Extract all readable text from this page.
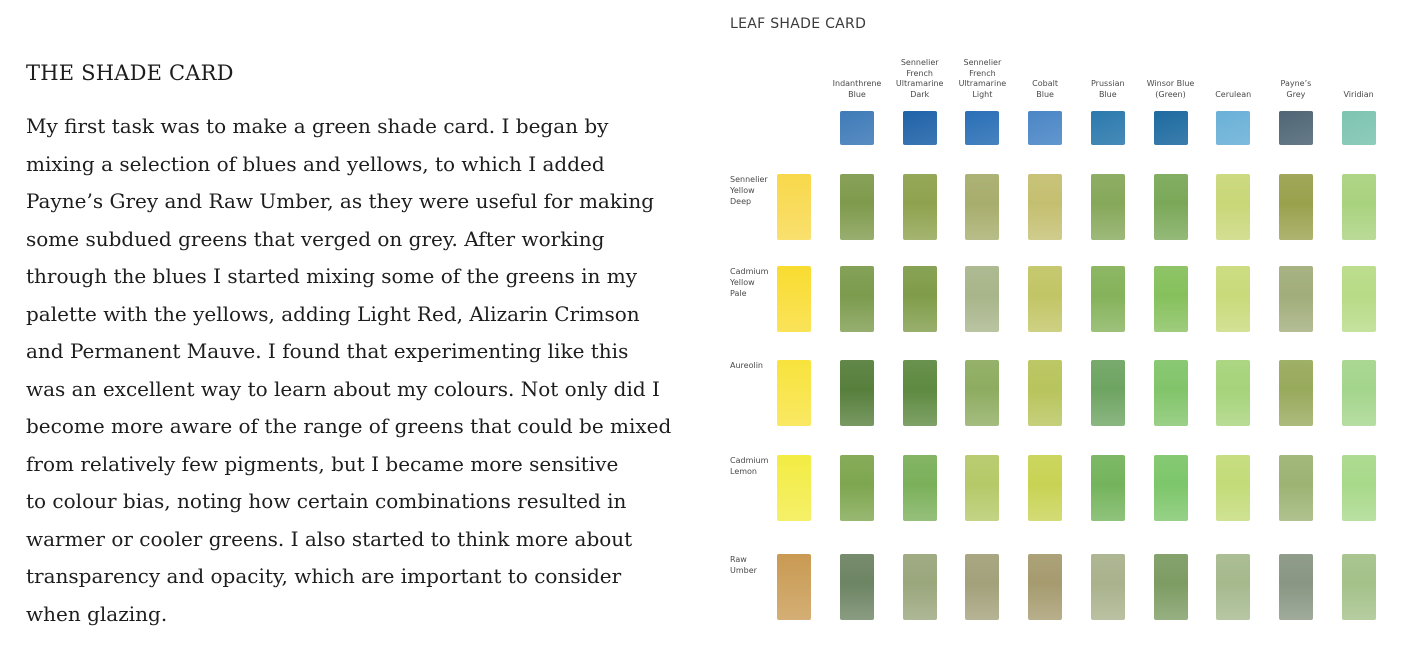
THE SHADE CARD
My first task was to make a green shade card. I began by
mixing a selection of blues and yellows, to which I added
Payne’s Grey and Raw Umber, as they were useful for making
some subdued greens that verged on grey. After working
through the blues I started mixing some of the greens in my
palette with the yellows, adding Light Red, Alizarin Crimson
and Permanent Mauve. I found that experimenting like this
was an excellent way to learn about my colours. Not only did I
become more aware of the range of greens that could be mixed
from relatively few pigments, but I became more sensitive
to colour bias, noting how certain combinations resulted in
warmer or cooler greens. I also started to think more about
transparency and opacity, which are important to consider
when glazing.
LEAF SHADE CARD
Indanthrene
Blue
Sennelier
French
Ultramarine
Dark
Sennelier
French
Ultramarine
Light
Cobalt
Blue
Prussian
Blue
Winsor Blue
(Green)	Cerulean
Payne’s
Grey	Viridian
Sennelier
Yellow
Deep
Cadmium
Yellow
Pale
Aureolin
Cadmium
Lemon
Raw
Umber
